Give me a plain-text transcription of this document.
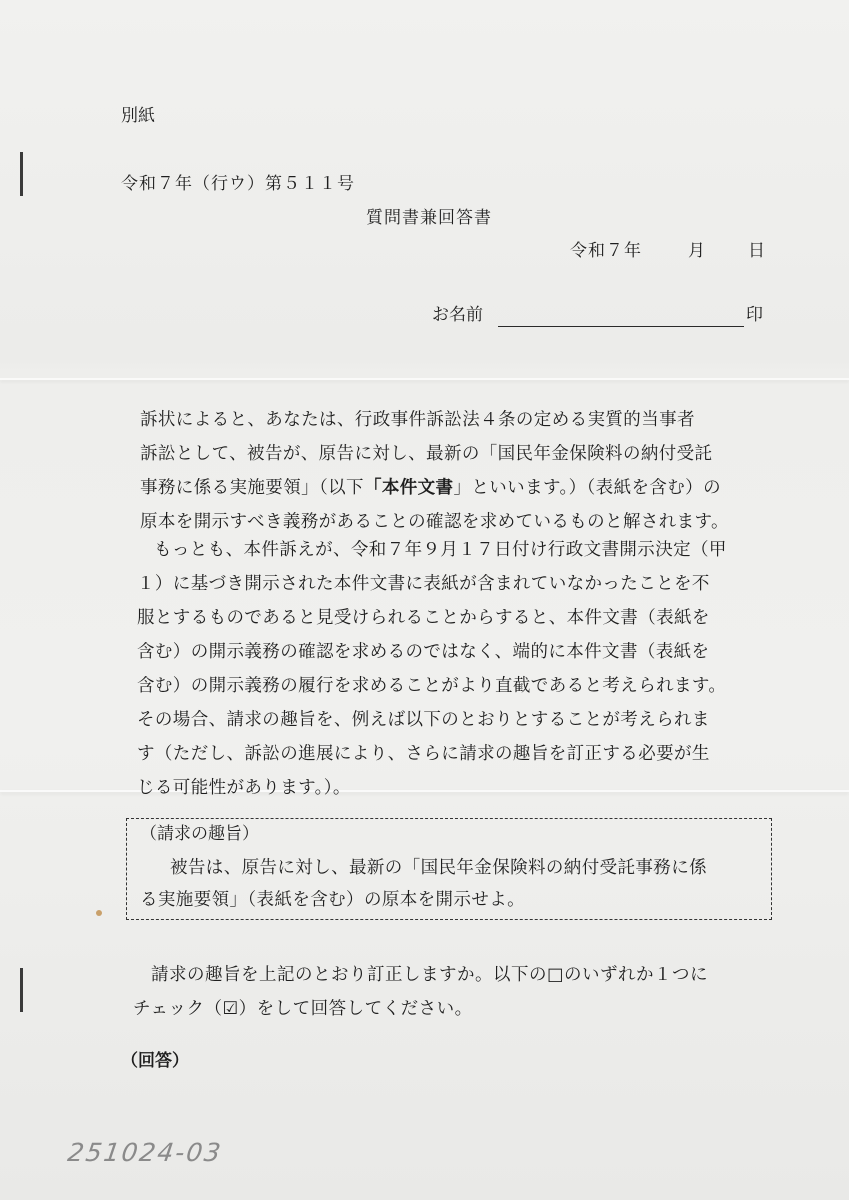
別紙
令和７年（行ウ）第５１１号
質問書兼回答書
令和７年	月	日
お名前	印
訴状によると、あなたは、行政事件訴訟法４条の定める実質的当事者
訴訟として、被告が、原告に対し、最新の「国民年金保険料の納付受託
事務に係る実施要領」（以下「本件文書」といいます。）（表紙を含む）の
原本を開示すべき義務があることの確認を求めているものと解されます。
もっとも、本件訴えが、令和７年９月１７日付け行政文書開示決定（甲
１）に基づき開示された本件文書に表紙が含まれていなかったことを不
服とするものであると見受けられることからすると、本件文書（表紙を
含む）の開示義務の確認を求めるのではなく、端的に本件文書（表紙を
含む）の開示義務の履行を求めることがより直截であると考えられます。
その場合、請求の趣旨を、例えば以下のとおりとすることが考えられま
す（ただし、訴訟の進展により、さらに請求の趣旨を訂正する必要が生
じる可能性があります。）。
（請求の趣旨）
被告は、原告に対し、最新の「国民年金保険料の納付受託事務に係
る実施要領」（表紙を含む）の原本を開示せよ。
請求の趣旨を上記のとおり訂正しますか。以下の□のいずれか１つに
チェック（☑）をして回答してください。
（回答）
251024-03
